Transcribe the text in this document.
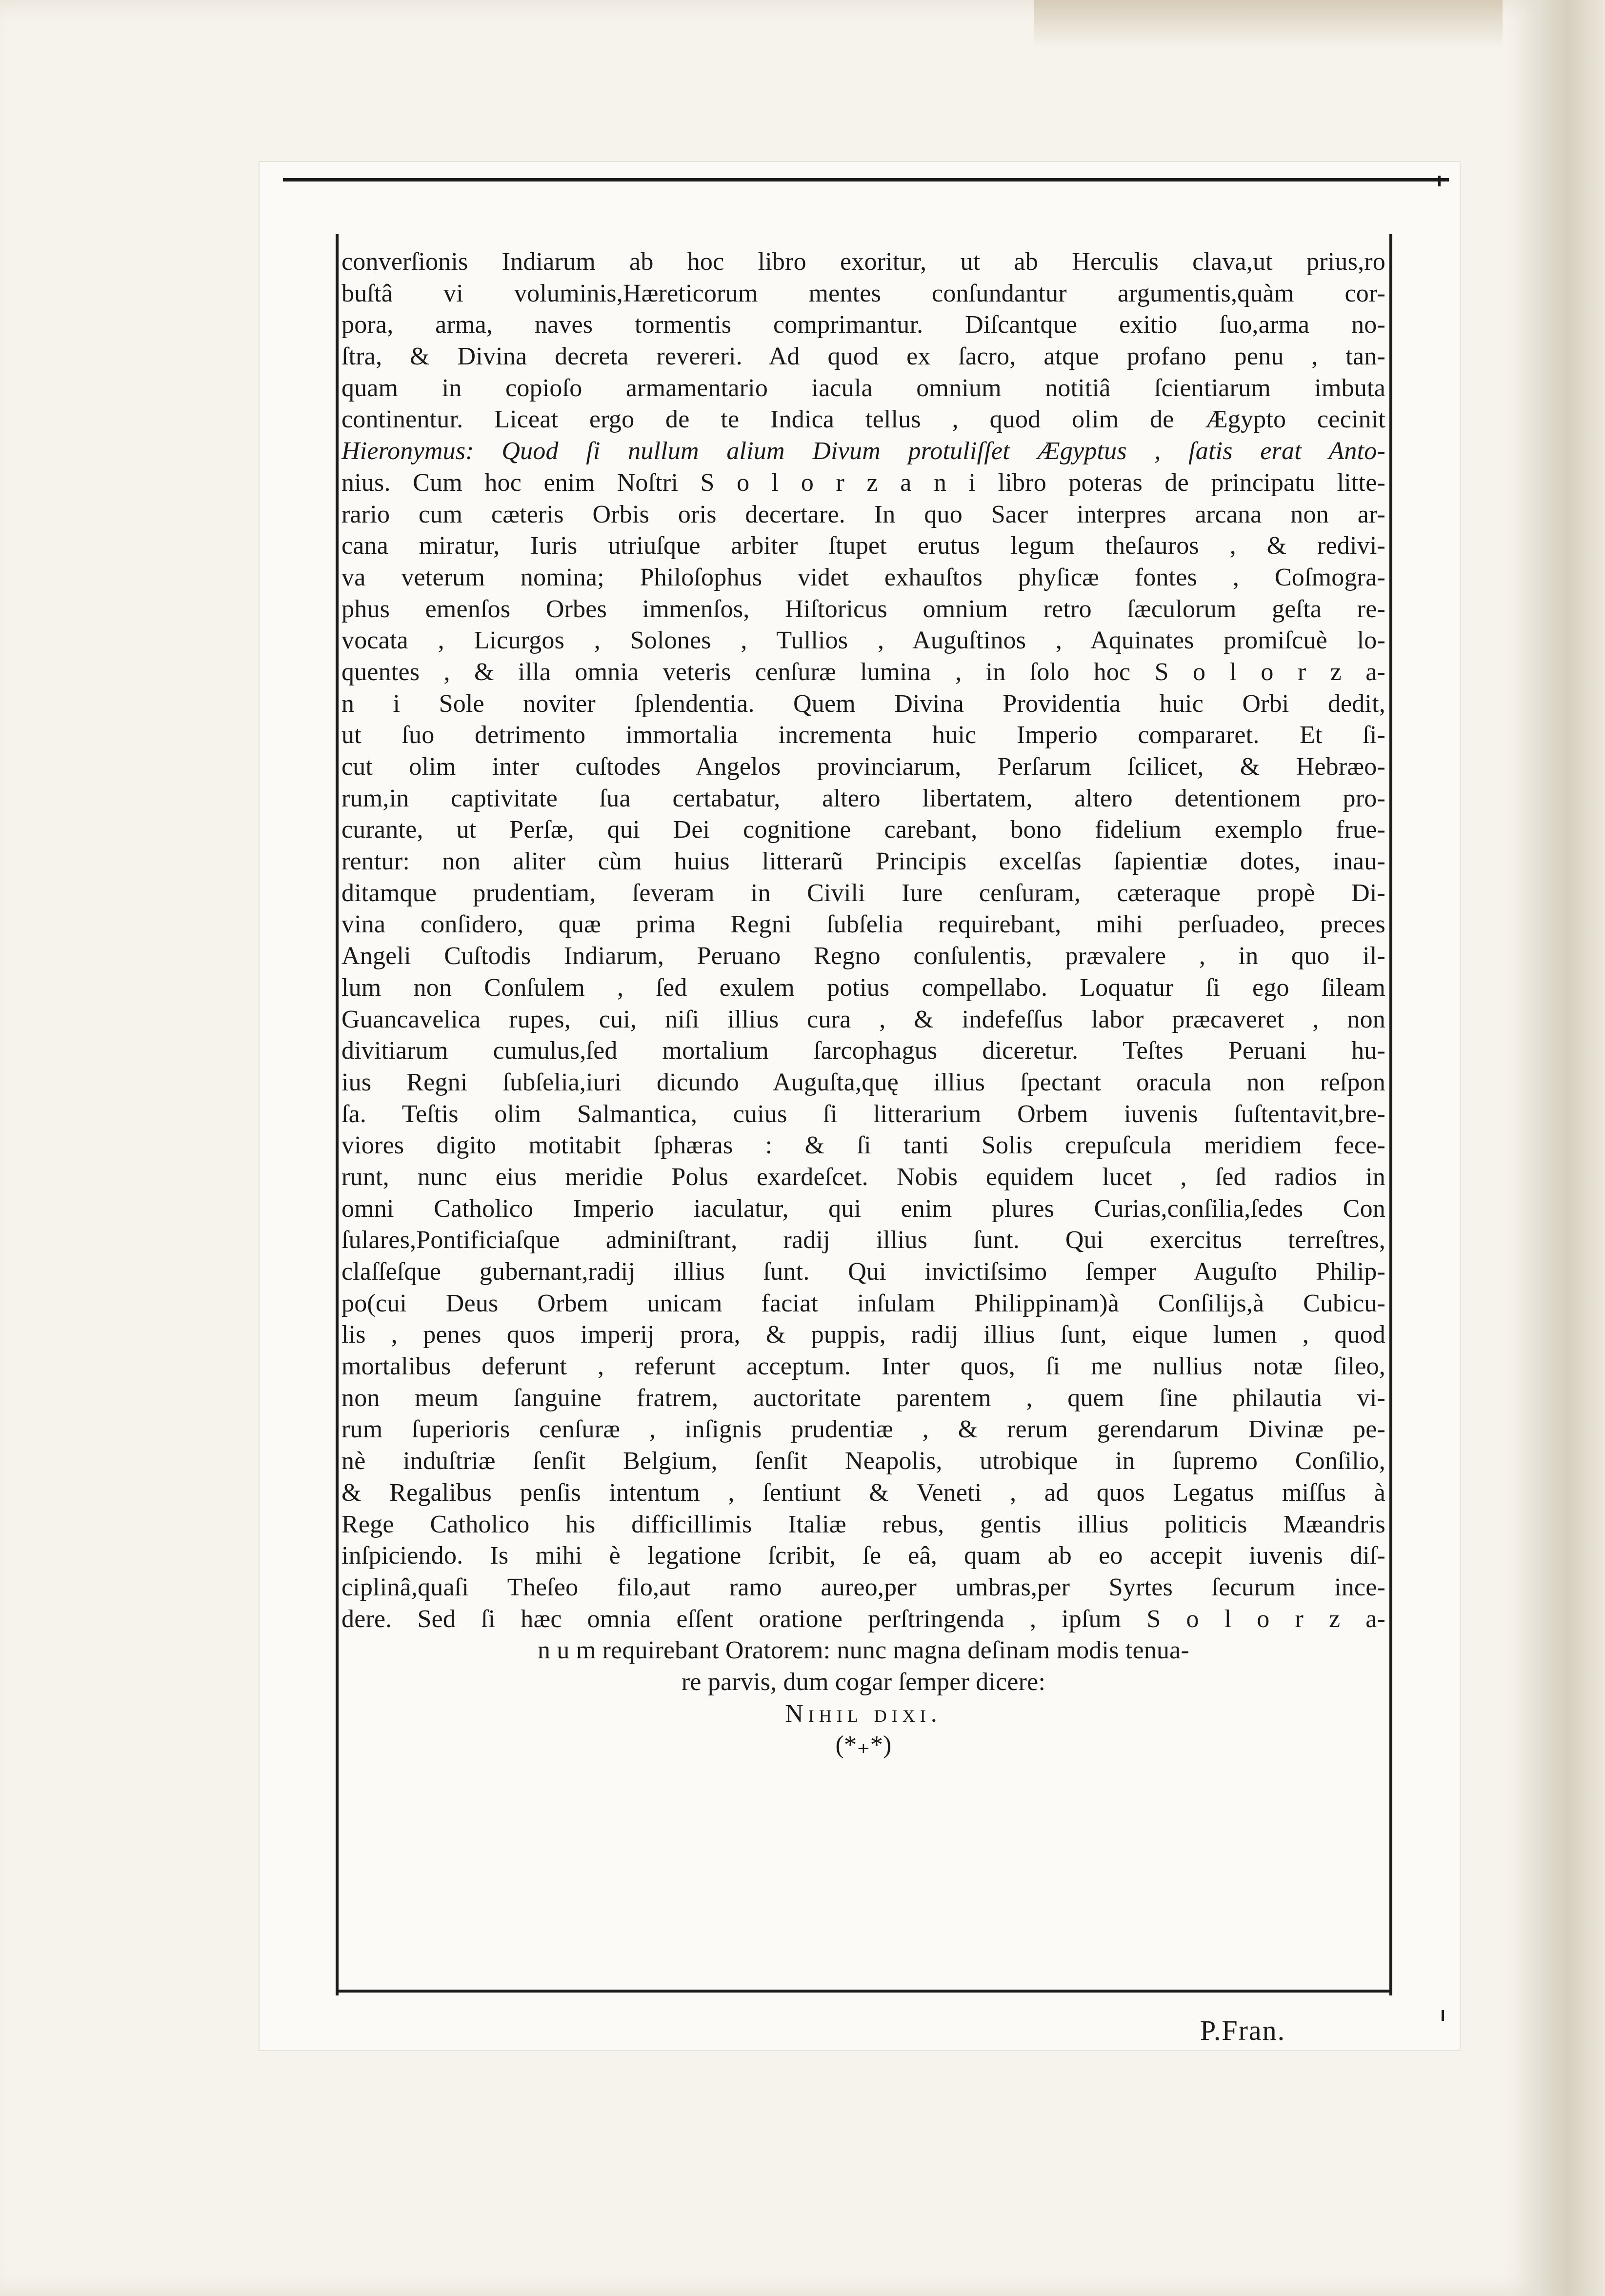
converſionis Indiarum ab hoc libro exoritur, ut ab Herculis clava,ut prius,ro
buſtâ vi voluminis,Hæreticorum mentes conſundantur argumentis,quàm cor-
pora, arma, naves tormentis comprimantur. Diſcantque exitio ſuo,arma no-
ſtra, & Divina decreta revereri. Ad quod ex ſacro, atque profano penu , tan-
quam in copioſo armamentario iacula omnium notitiâ ſcientiarum imbuta
continentur. Liceat ergo de te Indica tellus , quod olim de Ægypto cecinit
Hieronymus: Quod ſi nullum alium Divum protuliſſet Ægyptus , ſatis erat Anto-
nius. Cum hoc enim Noſtri S o l o r z a n i libro poteras de principatu litte-
rario cum cæteris Orbis oris decertare. In quo Sacer interpres arcana non ar-
cana miratur, Iuris utriuſque arbiter ſtupet erutus legum theſauros , & redivi-
va veterum nomina; Philoſophus videt exhauſtos phyſicæ fontes , Coſmogra-
phus emenſos Orbes immenſos, Hiſtoricus omnium retro ſæculorum geſta re-
vocata , Licurgos , Solones , Tullios , Auguſtinos , Aquinates promiſcuè lo-
quentes , & illa omnia veteris cenſuræ lumina , in ſolo hoc S o l o r z a-
n i Sole noviter ſplendentia. Quem Divina Providentia huic Orbi dedit,
ut ſuo detrimento immortalia incrementa huic Imperio compararet. Et ſi-
cut olim inter cuſtodes Angelos provinciarum, Perſarum ſcilicet, & Hebræo-
rum,in captivitate ſua certabatur, altero libertatem, altero detentionem pro-
curante, ut Perſæ, qui Dei cognitione carebant, bono fidelium exemplo frue-
rentur: non aliter cùm huius litterarũ Principis excelſas ſapientiæ dotes, inau-
ditamque prudentiam, ſeveram in Civili Iure cenſuram, cæteraque propè Di-
vina conſidero, quæ prima Regni ſubſelia requirebant, mihi perſuadeo, preces
Angeli Cuſtodis Indiarum, Peruano Regno conſulentis, prævalere , in quo il-
lum non Conſulem , ſed exulem potius compellabo. Loquatur ſi ego ſileam
Guancavelica rupes, cui, niſi illius cura , & indefeſſus labor præcaveret , non
divitiarum cumulus,ſed mortalium ſarcophagus diceretur. Teſtes Peruani hu-
ius Regni ſubſelia,iuri dicundo Auguſta,quę illius ſpectant oracula non reſpon
ſa. Teſtis olim Salmantica, cuius ſi litterarium Orbem iuvenis ſuſtentavit,bre-
viores digito motitabit ſphæras : & ſi tanti Solis crepuſcula meridiem fece-
runt, nunc eius meridie Polus exardeſcet. Nobis equidem lucet , ſed radios in
omni Catholico Imperio iaculatur, qui enim plures Curias,conſilia,ſedes Con
ſulares,Pontificiaſque adminiſtrant, radij illius ſunt. Qui exercitus terreſtres,
claſſeſque gubernant,radij illius ſunt. Qui invictiſsimo ſemper Auguſto Philip-
po(cui Deus Orbem unicam faciat inſulam Philippinam)à Conſilijs,à Cubicu-
lis , penes quos imperij prora, & puppis, radij illius ſunt, eique lumen , quod
mortalibus deferunt , referunt acceptum. Inter quos, ſi me nullius notæ ſileo,
non meum ſanguine fratrem, auctoritate parentem , quem ſine philautia vi-
rum ſuperioris cenſuræ , inſignis prudentiæ , & rerum gerendarum Divinæ pe-
nè induſtriæ ſenſit Belgium, ſenſit Neapolis, utrobique in ſupremo Conſilio,
& Regalibus penſis intentum , ſentiunt & Veneti , ad quos Legatus miſſus à
Rege Catholico his difficillimis Italiæ rebus, gentis illius politicis Mæandris
inſpiciendo. Is mihi è legatione ſcribit, ſe eâ, quam ab eo accepit iuvenis diſ-
ciplinâ,quaſi Theſeo filo,aut ramo aureo,per umbras,per Syrtes ſecurum ince-
dere. Sed ſi hæc omnia eſſent oratione perſtringenda , ipſum S o l o r z a-
n u m requirebant Oratorem: nunc magna deſinam modis tenua-
re parvis, dum cogar ſemper dicere:
Nihil dixi.
(*₊*)
P.Fran.
